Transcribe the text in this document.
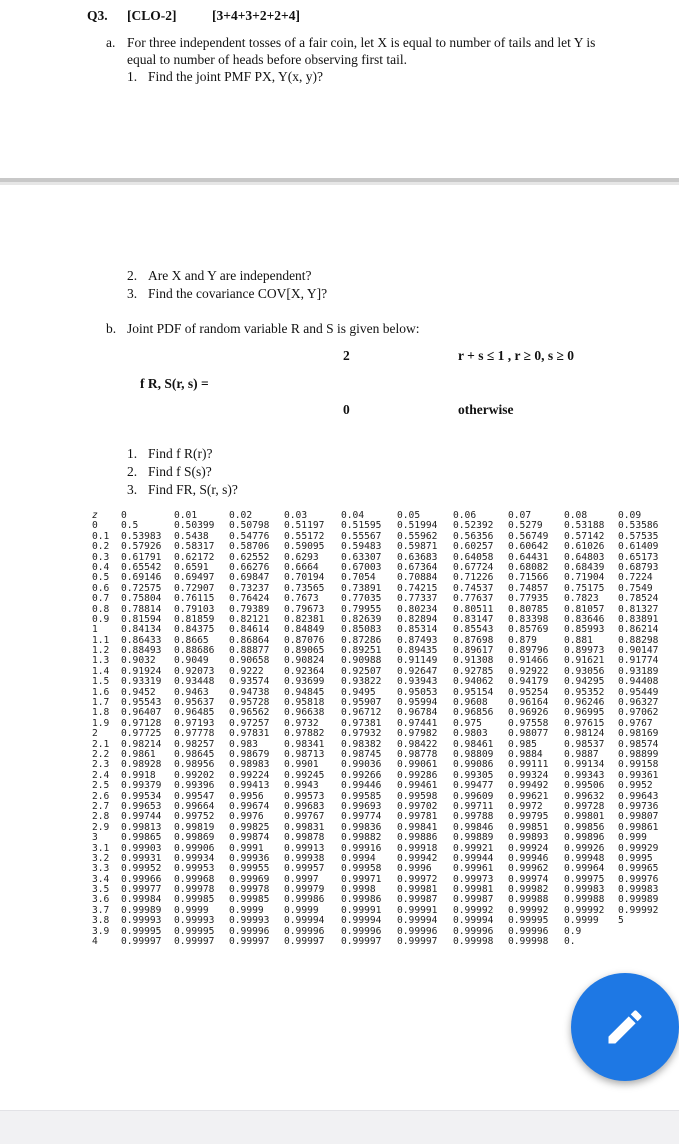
Q3. [CLO-2]	[3+4+3+2+2+4]
a. For three independent tosses of a fair coin, let X is equal to number of tails and let Y is
equal to number of heads before observing first tail.
1. Find the joint PMF PX, Y(x, y)?
2. Are X and Y are independent?
3. Find the covariance COV[X, Y]?
b. Joint PDF of random variable R and S is given below:
2	r + s ≤ 1 , r ≥ 0, s ≥ 0
f R, S(r, s) =
0	otherwise
1. Find f R(r)?
2. Find f S(s)?
3. Find FR, S(r, s)?
z 0	0.01	0.02	0.03	0.04	0.05	0.06	0.07	0.08	0.09
0 0.5	0.50399 0.50798 0.51197 0.51595 0.51994 0.52392 0.5279 0.53188 0.53586
0.1 0.53983 0.5438 0.54776 0.55172 0.55567 0.55962 0.56356 0.56749 0.57142 0.57535
0.2 0.57926 0.58317 0.58706 0.59095 0.59483 0.59871 0.60257 0.60642 0.61026 0.61409
0.3 0.61791 0.62172 0.62552 0.6293 0.63307 0.63683 0.64058 0.64431 0.64803 0.65173
0.4 0.65542 0.6591 0.66276 0.6664 0.67003 0.67364 0.67724 0.68082 0.68439 0.68793
0.5 0.69146 0.69497 0.69847 0.70194 0.7054 0.70884 0.71226 0.71566 0.71904 0.7224
0.6 0.72575 0.72907 0.73237 0.73565 0.73891 0.74215 0.74537 0.74857 0.75175 0.7549
0.7 0.75804 0.76115 0.76424 0.7673 0.77035 0.77337 0.77637 0.77935 0.7823 0.78524
0.8 0.78814 0.79103 0.79389 0.79673 0.79955 0.80234 0.80511 0.80785 0.81057 0.81327
0.9 0.81594 0.81859 0.82121 0.82381 0.82639 0.82894 0.83147 0.83398 0.83646 0.83891
1 0.84134 0.84375 0.84614 0.84849 0.85083 0.85314 0.85543 0.85769 0.85993 0.86214
1.1 0.86433 0.8665 0.86864 0.87076 0.87286 0.87493 0.87698 0.879	0.881	0.88298
1.2 0.88493 0.88686 0.88877 0.89065 0.89251 0.89435 0.89617 0.89796 0.89973 0.90147
1.3 0.9032 0.9049 0.90658 0.90824 0.90988 0.91149 0.91308 0.91466 0.91621 0.91774
1.4 0.91924 0.92073 0.9222 0.92364 0.92507 0.92647 0.92785 0.92922 0.93056 0.93189
1.5 0.93319 0.93448 0.93574 0.93699 0.93822 0.93943 0.94062 0.94179 0.94295 0.94408
1.6 0.9452 0.9463 0.94738 0.94845 0.9495 0.95053 0.95154 0.95254 0.95352 0.95449
1.7 0.95543 0.95637 0.95728 0.95818 0.95907 0.95994 0.9608 0.96164 0.96246 0.96327
1.8 0.96407 0.96485 0.96562 0.96638 0.96712 0.96784 0.96856 0.96926 0.96995 0.97062
1.9 0.97128 0.97193 0.97257 0.9732 0.97381 0.97441 0.975	0.97558 0.97615 0.9767
2 0.97725 0.97778 0.97831 0.97882 0.97932 0.97982 0.9803 0.98077 0.98124 0.98169
2.1 0.98214 0.98257 0.983	0.98341 0.98382 0.98422 0.98461 0.985	0.98537 0.98574
2.2 0.9861 0.98645 0.98679 0.98713 0.98745 0.98778 0.98809 0.9884 0.9887 0.98899
2.3 0.98928 0.98956 0.98983 0.9901 0.99036 0.99061 0.99086 0.99111 0.99134 0.99158
2.4 0.9918 0.99202 0.99224 0.99245 0.99266 0.99286 0.99305 0.99324 0.99343 0.99361
2.5 0.99379 0.99396 0.99413 0.9943 0.99446 0.99461 0.99477 0.99492 0.99506 0.9952
2.6 0.99534 0.99547 0.9956 0.99573 0.99585 0.99598 0.99609 0.99621 0.99632 0.99643
2.7 0.99653 0.99664 0.99674 0.99683 0.99693 0.99702 0.99711 0.9972 0.99728 0.99736
2.8 0.99744 0.99752 0.9976 0.99767 0.99774 0.99781 0.99788 0.99795 0.99801 0.99807
2.9 0.99813 0.99819 0.99825 0.99831 0.99836 0.99841 0.99846 0.99851 0.99856 0.99861
3 0.99865 0.99869 0.99874 0.99878 0.99882 0.99886 0.99889 0.99893 0.99896 0.999
3.1 0.99903 0.99906 0.9991 0.99913 0.99916 0.99918 0.99921 0.99924 0.99926 0.99929
3.2 0.99931 0.99934 0.99936 0.99938 0.9994 0.99942 0.99944 0.99946 0.99948 0.9995
3.3 0.99952 0.99953 0.99955 0.99957 0.99958 0.9996 0.99961 0.99962 0.99964 0.99965
3.4 0.99966 0.99968 0.99969 0.9997 0.99971 0.99972 0.99973 0.99974 0.99975 0.99976
3.5 0.99977 0.99978 0.99978 0.99979 0.9998 0.99981 0.99981 0.99982 0.99983 0.99983
3.6 0.99984 0.99985 0.99985 0.99986 0.99986 0.99987 0.99987 0.99988 0.99988 0.99989
3.7 0.99989 0.9999 0.9999 0.9999 0.99991 0.99991 0.99992 0.99992 0.99992 0.99992
3.8 0.99993 0.99993 0.99993 0.99994 0.99994 0.99994 0.99994 0.99995 0.9999 5
3.9 0.99995 0.99995 0.99996 0.99996 0.99996 0.99996 0.99996 0.99996 0.9
4 0.99997 0.99997 0.99997 0.99997 0.99997 0.99997 0.99998 0.99998 0.
